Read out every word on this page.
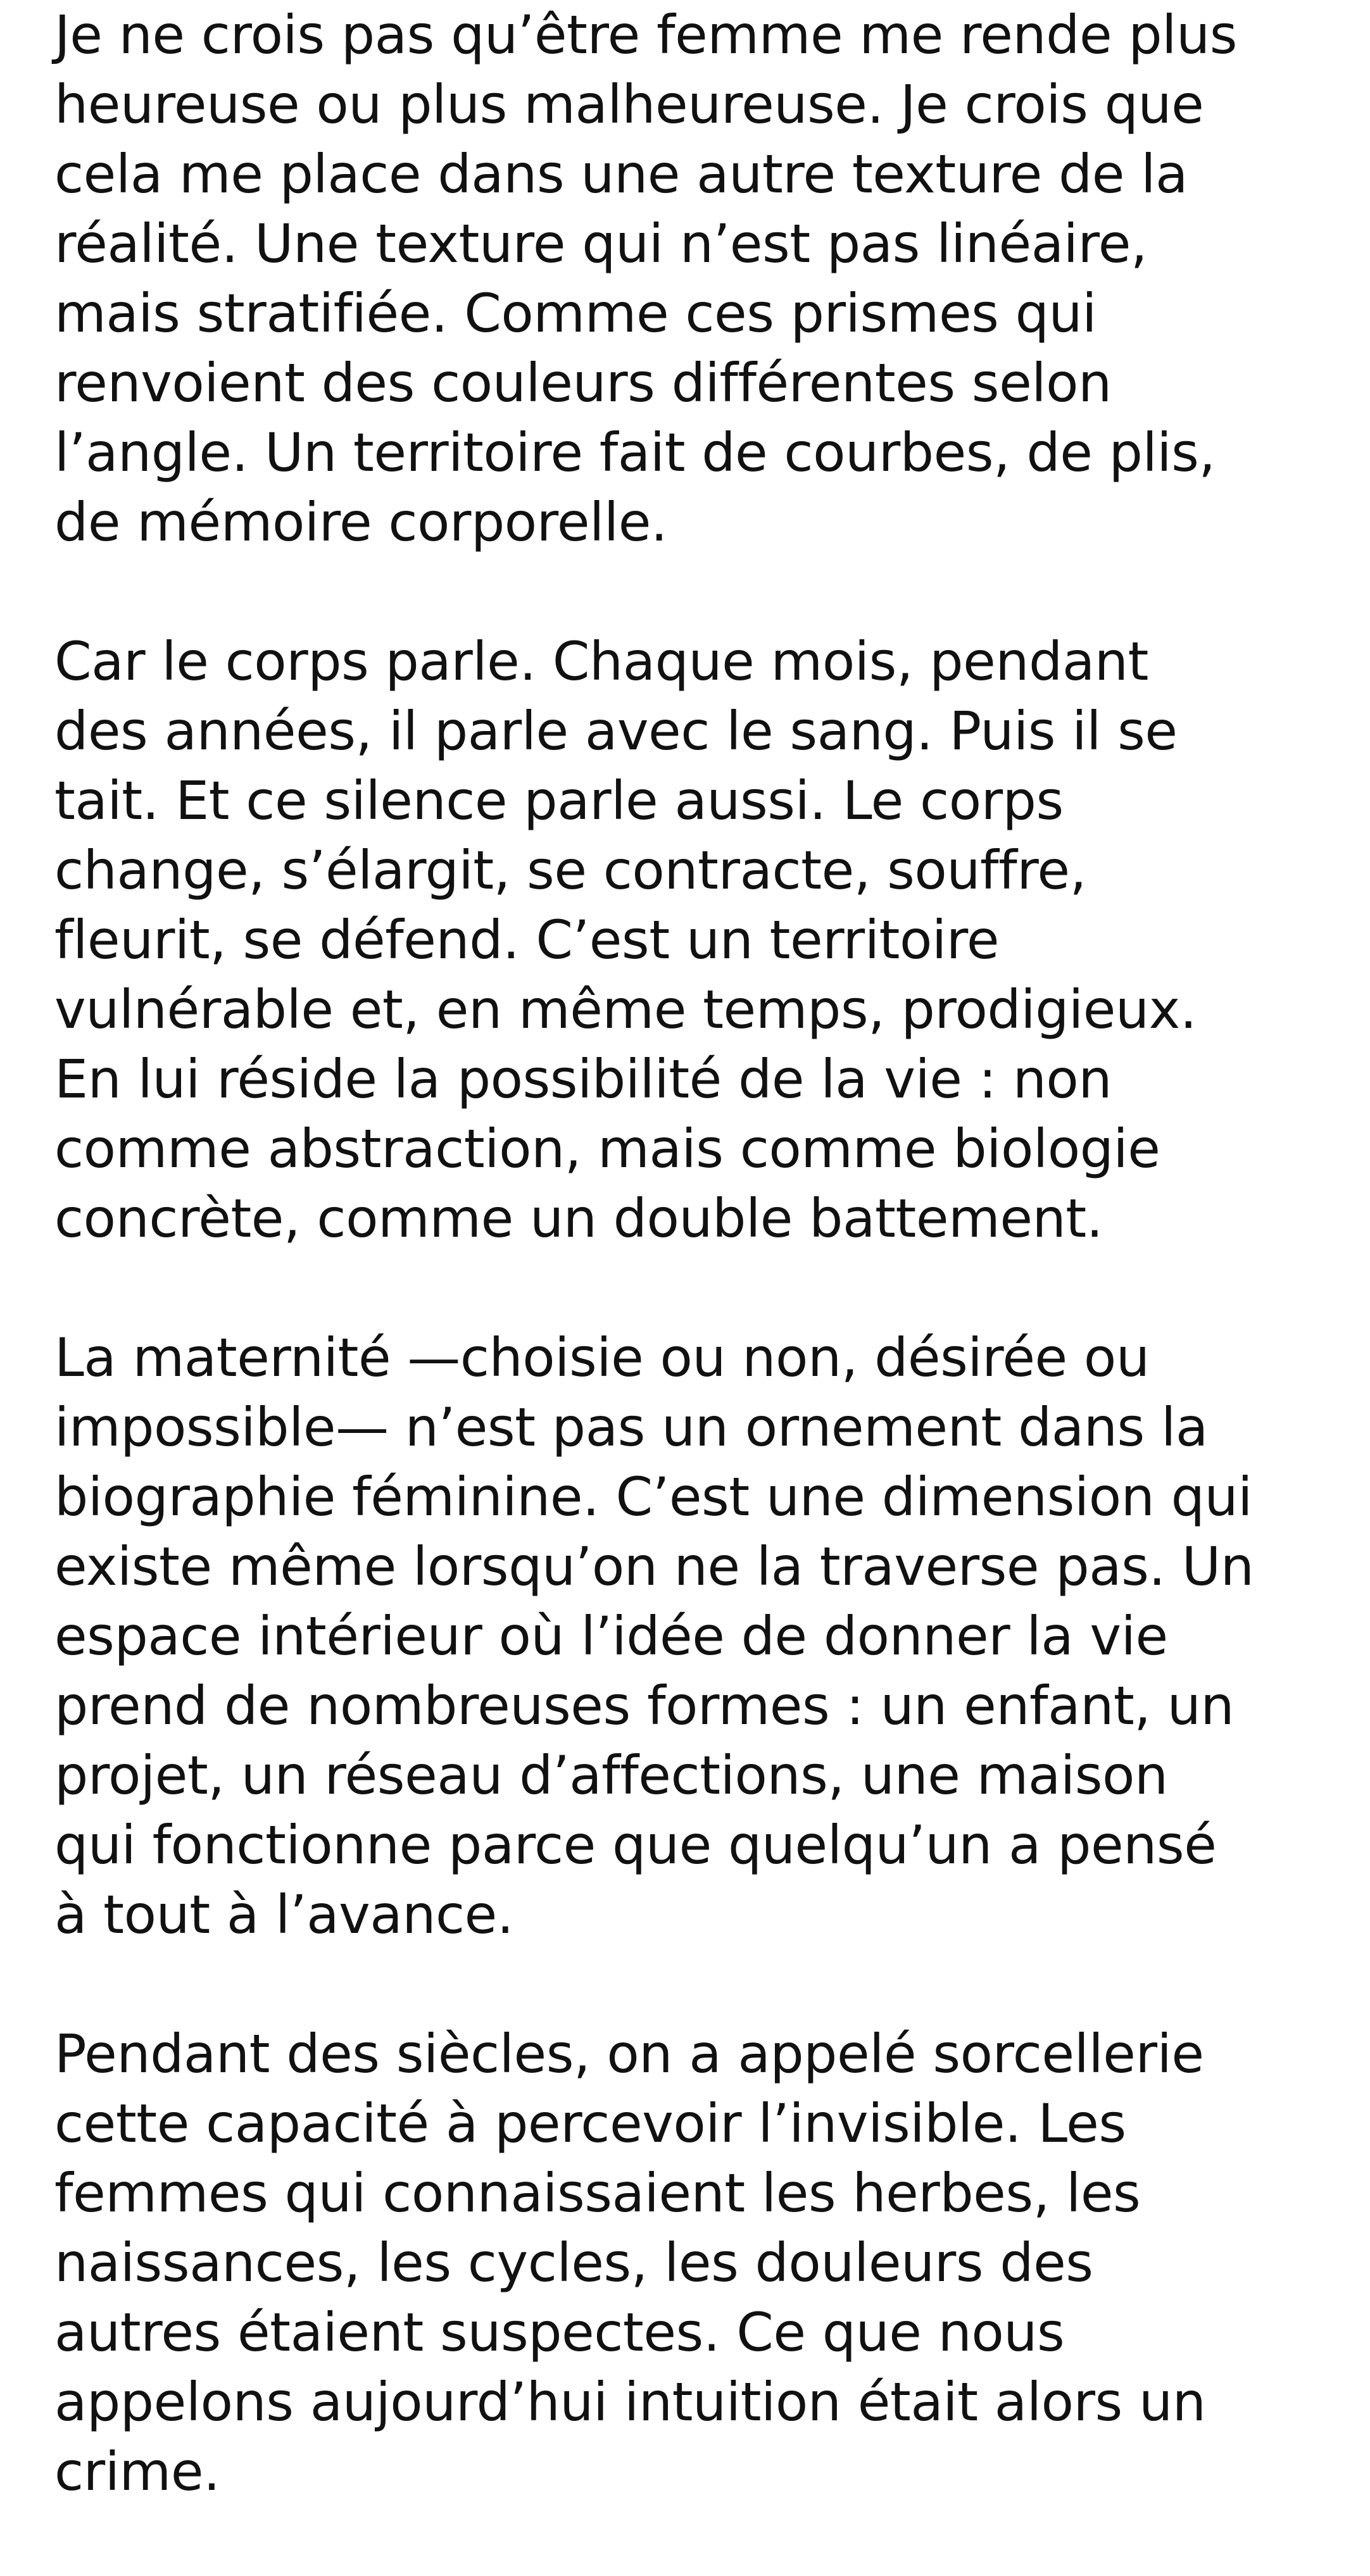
Je ne crois pas qu’être femme me rende plus
heureuse ou plus malheureuse. Je crois que
cela me place dans une autre texture de la
réalité. Une texture qui n’est pas linéaire,
mais stratifiée. Comme ces prismes qui
renvoient des couleurs différentes selon
l’angle. Un territoire fait de courbes, de plis,
de mémoire corporelle.
Car le corps parle. Chaque mois, pendant
des années, il parle avec le sang. Puis il se
tait. Et ce silence parle aussi. Le corps
change, s’élargit, se contracte, souffre,
fleurit, se défend. C’est un territoire
vulnérable et, en même temps, prodigieux.
En lui réside la possibilité de la vie : non
comme abstraction, mais comme biologie
concrète, comme un double battement.
La maternité —choisie ou non, désirée ou
impossible— n’est pas un ornement dans la
biographie féminine. C’est une dimension qui
existe même lorsqu’on ne la traverse pas. Un
espace intérieur où l’idée de donner la vie
prend de nombreuses formes : un enfant, un
projet, un réseau d’affections, une maison
qui fonctionne parce que quelqu’un a pensé
à tout à l’avance.
Pendant des siècles, on a appelé sorcellerie
cette capacité à percevoir l’invisible. Les
femmes qui connaissaient les herbes, les
naissances, les cycles, les douleurs des
autres étaient suspectes. Ce que nous
appelons aujourd’hui intuition était alors un
crime.
